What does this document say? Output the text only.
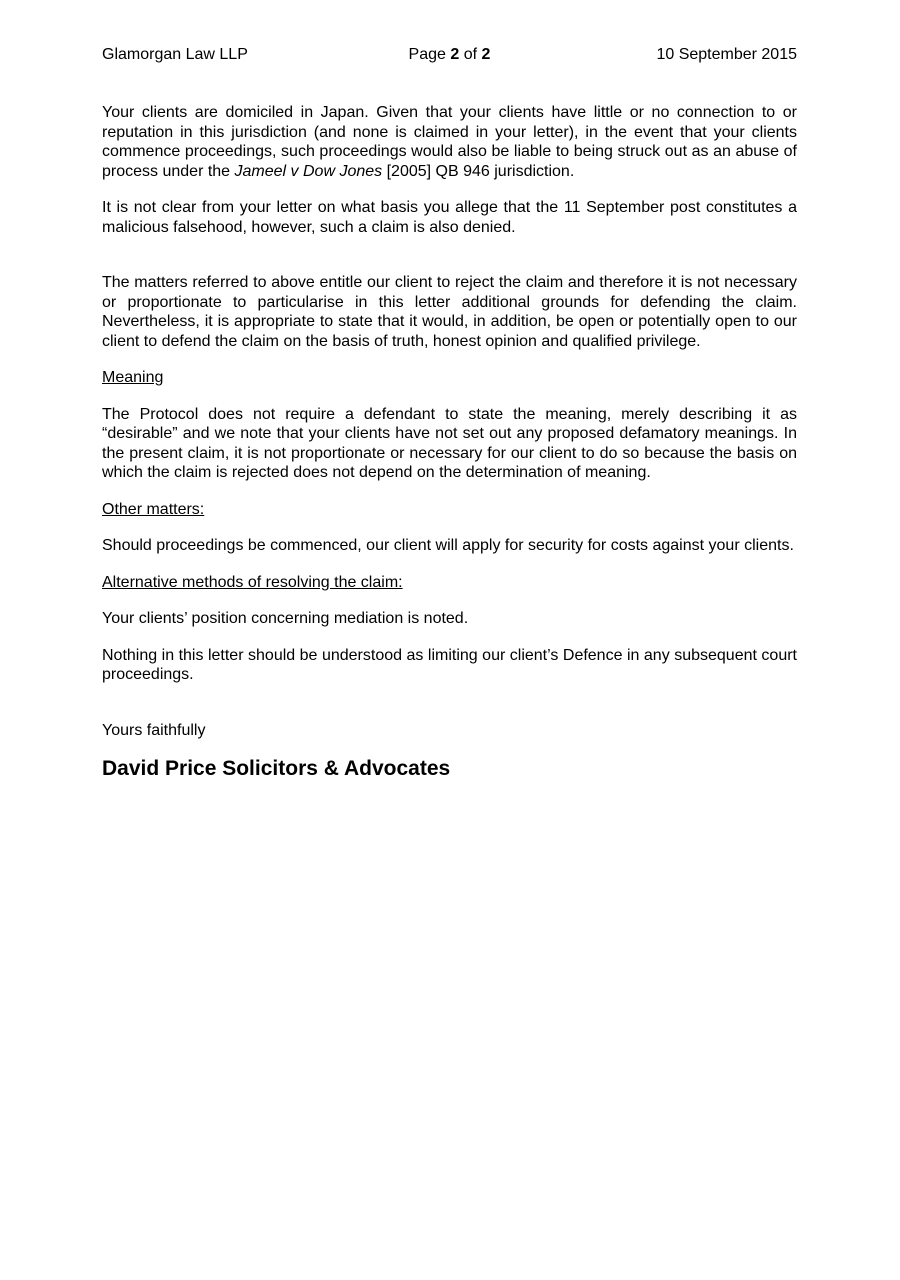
Glamorgan Law LLP	Page 2 of 2	10 September 2015

Your clients are domiciled in Japan. Given that your clients have little or no connection to or reputation in this jurisdiction (and none is claimed in your letter), in the event that your clients commence proceedings, such proceedings would also be liable to being struck out as an abuse of process under the Jameel v Dow Jones [2005] QB 946 jurisdiction.

It is not clear from your letter on what basis you allege that the 11 September post constitutes a malicious falsehood, however, such a claim is also denied.

The matters referred to above entitle our client to reject the claim and therefore it is not necessary or proportionate to particularise in this letter additional grounds for defending the claim. Nevertheless, it is appropriate to state that it would, in addition, be open or potentially open to our client to defend the claim on the basis of truth, honest opinion and qualified privilege.

Meaning

The Protocol does not require a defendant to state the meaning, merely describing it as “desirable” and we note that your clients have not set out any proposed defamatory meanings. In the present claim, it is not proportionate or necessary for our client to do so because the basis on which the claim is rejected does not depend on the determination of meaning.

Other matters:

Should proceedings be commenced, our client will apply for security for costs against your clients.

Alternative methods of resolving the claim:

Your clients’ position concerning mediation is noted.

Nothing in this letter should be understood as limiting our client’s Defence in any subsequent court proceedings.

Yours faithfully

David Price Solicitors & Advocates
